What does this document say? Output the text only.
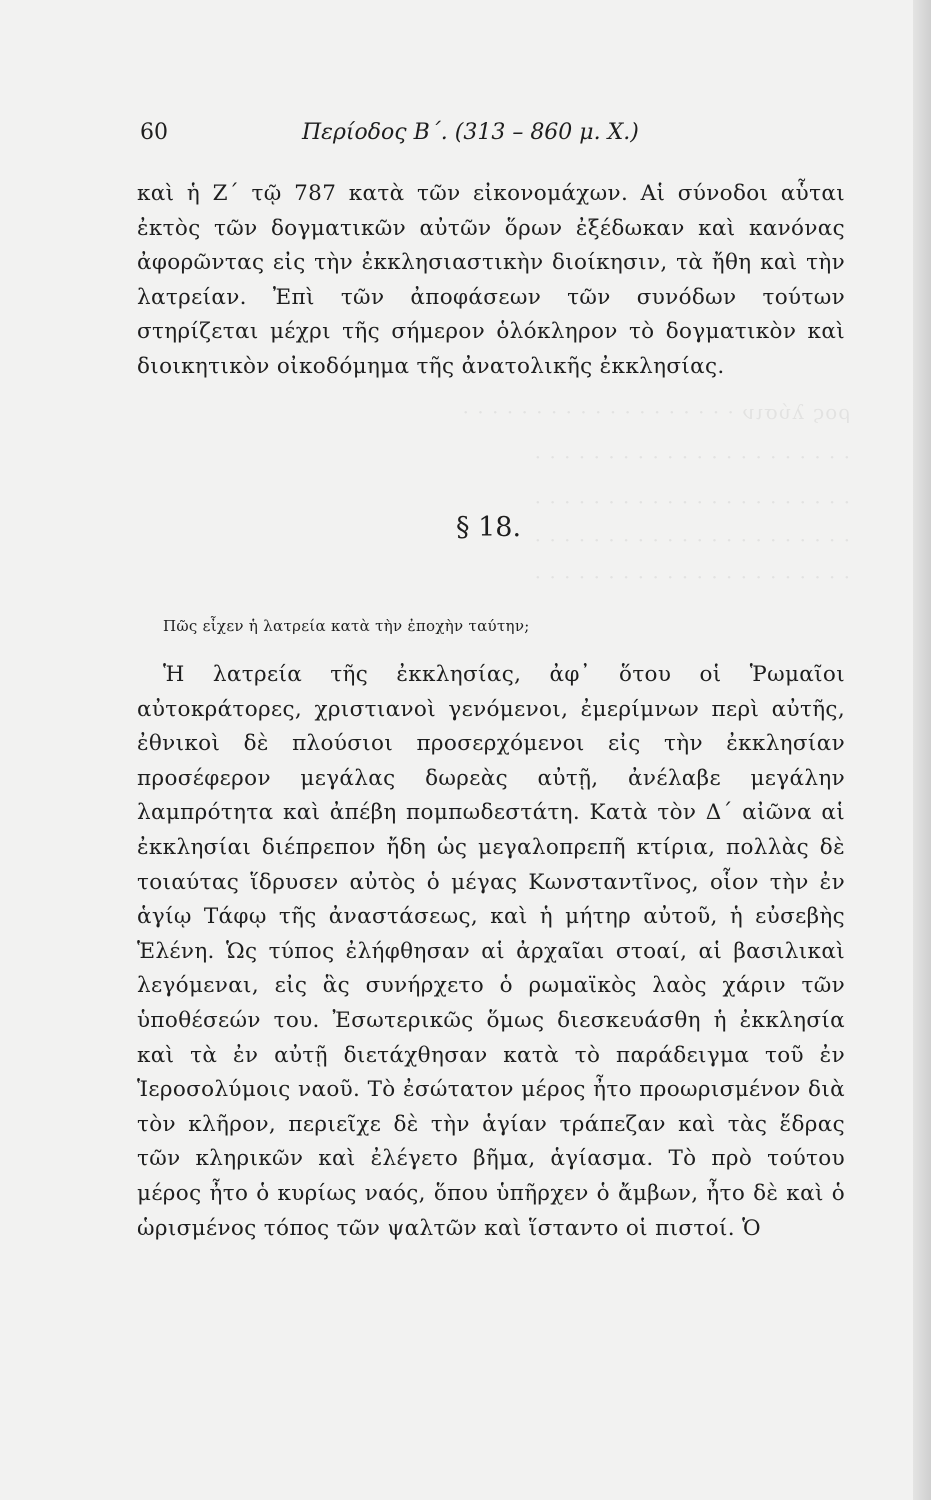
ρος λύσιν · · · · · · · · · · · · · · · · · · ·
· · · · · · · · · · · · · · · · · · · · · ·
· · · · · · · · · · · · · · · · · · · · · ·
· · · · · · · · · · · · · · · · · · · · · ·
· · · · · · · · · · · · · · · · · · · · · ·
60	Περίοδος Β΄. (313 – 860 μ. Χ.)
καὶ ἡ Ζ΄ τῷ 787 κατὰ τῶν εἰκονομάχων. Αἱ σύνοδοι αὗται ἐκτὸς τῶν δογματικῶν αὐτῶν ὅρων ἐξέδωκαν καὶ κανόνας ἀφορῶντας εἰς τὴν ἐκκλησιαστικὴν διοίκησιν, τὰ ἤθη καὶ τὴν λατρείαν. Ἐπὶ τῶν ἀποφάσεων τῶν συνόδων τούτων στηρίζεται μέχρι τῆς σήμερον ὁλόκληρον τὸ δογματικὸν καὶ διοικητικὸν οἰκοδόμημα τῆς ἀνατολικῆς ἐκκλησίας.
§ 18.
Πῶς εἶχεν ἡ λατρεία κατὰ τὴν ἐποχὴν ταύτην;
Ἡ λατρεία τῆς ἐκκλησίας, ἀφ᾽ ὅτου οἱ Ῥωμαῖοι αὐτοκράτορες, χριστιανοὶ γενόμενοι, ἐμερίμνων περὶ αὐτῆς, ἐθνικοὶ δὲ πλούσιοι προσερχόμενοι εἰς τὴν ἐκκλησίαν προσέφερον μεγάλας δωρεὰς αὐτῇ, ἀνέλαβε μεγάλην λαμπρότητα καὶ ἀπέβη πομπωδεστάτη. Κατὰ τὸν Δ΄ αἰῶνα αἱ ἐκκλησίαι διέπρεπον ἤδη ὡς μεγαλοπρεπῆ κτίρια, πολλὰς δὲ τοιαύτας ἵδρυσεν αὐτὸς ὁ μέγας Κωνσταντῖνος, οἷον τὴν ἐν ἁγίῳ Τάφῳ τῆς ἀναστάσεως, καὶ ἡ μήτηρ αὐτοῦ, ἡ εὐσεβὴς Ἑλένη. Ὡς τύπος ἐλήφθησαν αἱ ἀρχαῖαι στοαί, αἱ βασιλικαὶ λεγόμεναι, εἰς ἃς συνήρχετο ὁ ρωμαϊκὸς λαὸς χάριν τῶν ὑποθέσεών του. Ἐσωτερικῶς ὅμως διεσκευάσθη ἡ ἐκκλησία καὶ τὰ ἐν αὐτῇ διετάχθησαν κατὰ τὸ παράδειγμα τοῦ ἐν Ἱεροσολύμοις ναοῦ. Τὸ ἐσώτατον μέρος ἦτο προωρισμένον διὰ τὸν κλῆρον, περιεῖχε δὲ τὴν ἁγίαν τράπεζαν καὶ τὰς ἕδρας τῶν κληρικῶν καὶ ἐλέγετο βῆμα, ἁγίασμα. Τὸ πρὸ τούτου μέρος ἦτο ὁ κυρίως ναός, ὅπου ὑπῆρχεν ὁ ἄμβων, ἦτο δὲ καὶ ὁ ὡρισμένος τόπος τῶν ψαλτῶν καὶ ἵσταντο οἱ πιστοί. Ὁ
